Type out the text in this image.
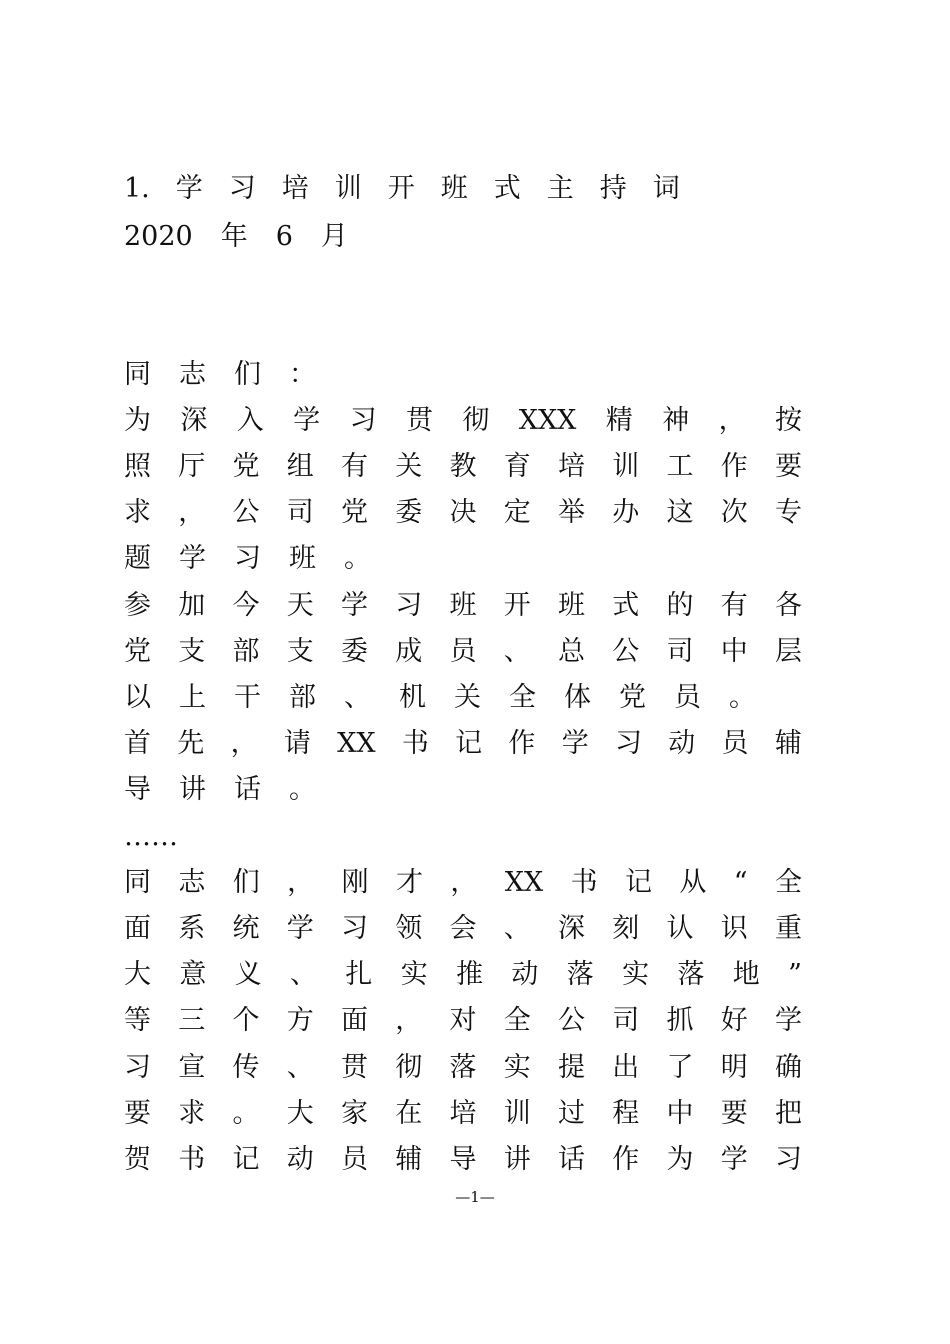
1. 学 习 培 训 开 班 式 主 持 词
2020 年 6 月
同 志 们 ：
为 深 入 学 习 贯 彻 XXX 精 神 ， 按
照 厅 党 组 有 关 教 育 培 训 工 作 要
求 ， 公 司 党 委 决 定 举 办 这 次 专
题 学 习 班 。
参 加 今 天 学 习 班 开 班 式 的 有 各
党 支 部 支 委 成 员 、 总 公 司 中 层
以 上 干 部 、 机 关 全 体 党 员 。
首 先 ， 请 XX 书 记 作 学 习 动 员 辅
导 讲 话 。
……
同 志 们 ， 刚 才 ， XX 书 记 从 “ 全
面 系 统 学 习 领 会 、 深 刻 认 识 重
大 意 义 、 扎 实 推 动 落 实 落 地 ”
等 三 个 方 面 ， 对 全 公 司 抓 好 学
习 宣 传 、 贯 彻 落 实 提 出 了 明 确
要 求 。 大 家 在 培 训 过 程 中 要 把
贺 书 记 动 员 辅 导 讲 话 作 为 学 习
—1—
